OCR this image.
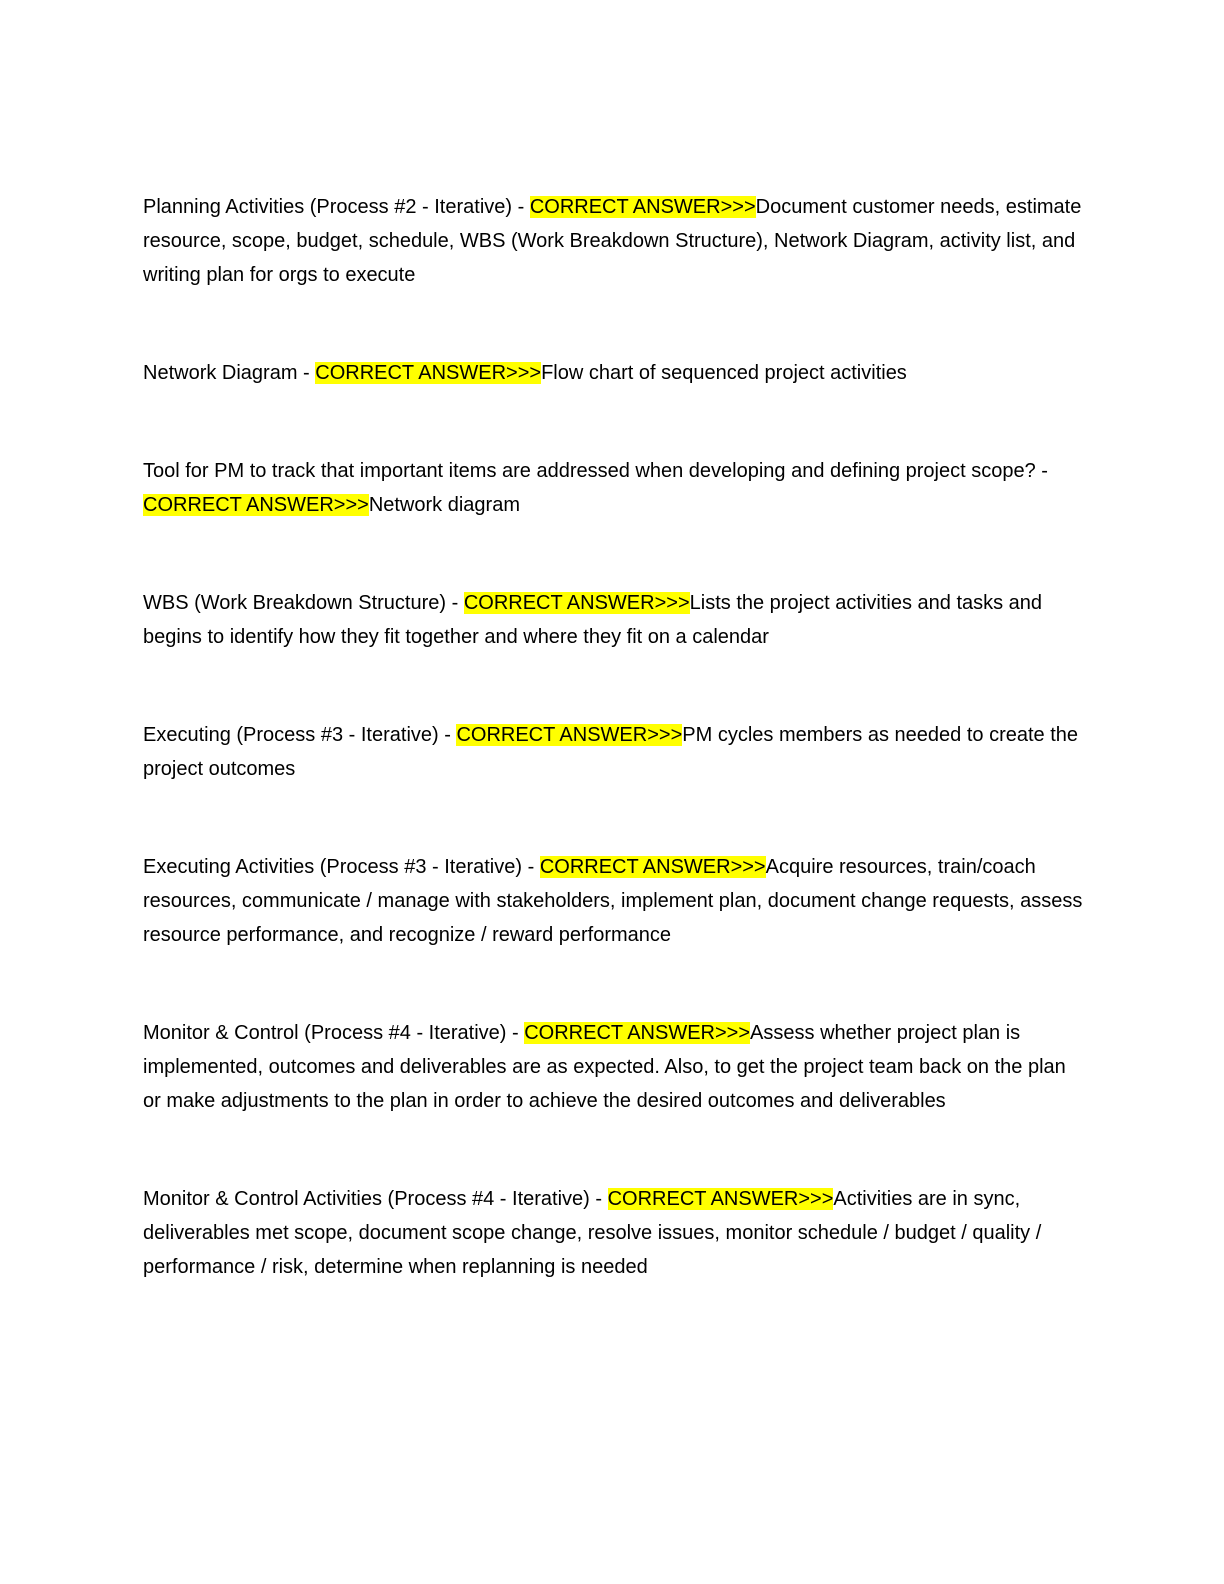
Planning Activities (Process #2 - Iterative) - CORRECT ANSWER>>>Document customer needs, estimate resource, scope, budget, schedule, WBS (Work Breakdown Structure), Network Diagram, activity list, and writing plan for orgs to execute

Network Diagram - CORRECT ANSWER>>>Flow chart of sequenced project activities

Tool for PM to track that important items are addressed when developing and defining project scope? - CORRECT ANSWER>>>Network diagram

WBS (Work Breakdown Structure) - CORRECT ANSWER>>>Lists the project activities and tasks and begins to identify how they fit together and where they fit on a calendar

Executing (Process #3 - Iterative) - CORRECT ANSWER>>>PM cycles members as needed to create the project outcomes

Executing Activities (Process #3 - Iterative) - CORRECT ANSWER>>>Acquire resources, train/coach resources, communicate / manage with stakeholders, implement plan, document change requests, assess resource performance, and recognize / reward performance

Monitor & Control (Process #4 - Iterative) - CORRECT ANSWER>>>Assess whether project plan is implemented, outcomes and deliverables are as expected. Also, to get the project team back on the plan or make adjustments to the plan in order to achieve the desired outcomes and deliverables

Monitor & Control Activities (Process #4 - Iterative) - CORRECT ANSWER>>>Activities are in sync, deliverables met scope, document scope change, resolve issues, monitor schedule / budget / quality / performance / risk, determine when replanning is needed
